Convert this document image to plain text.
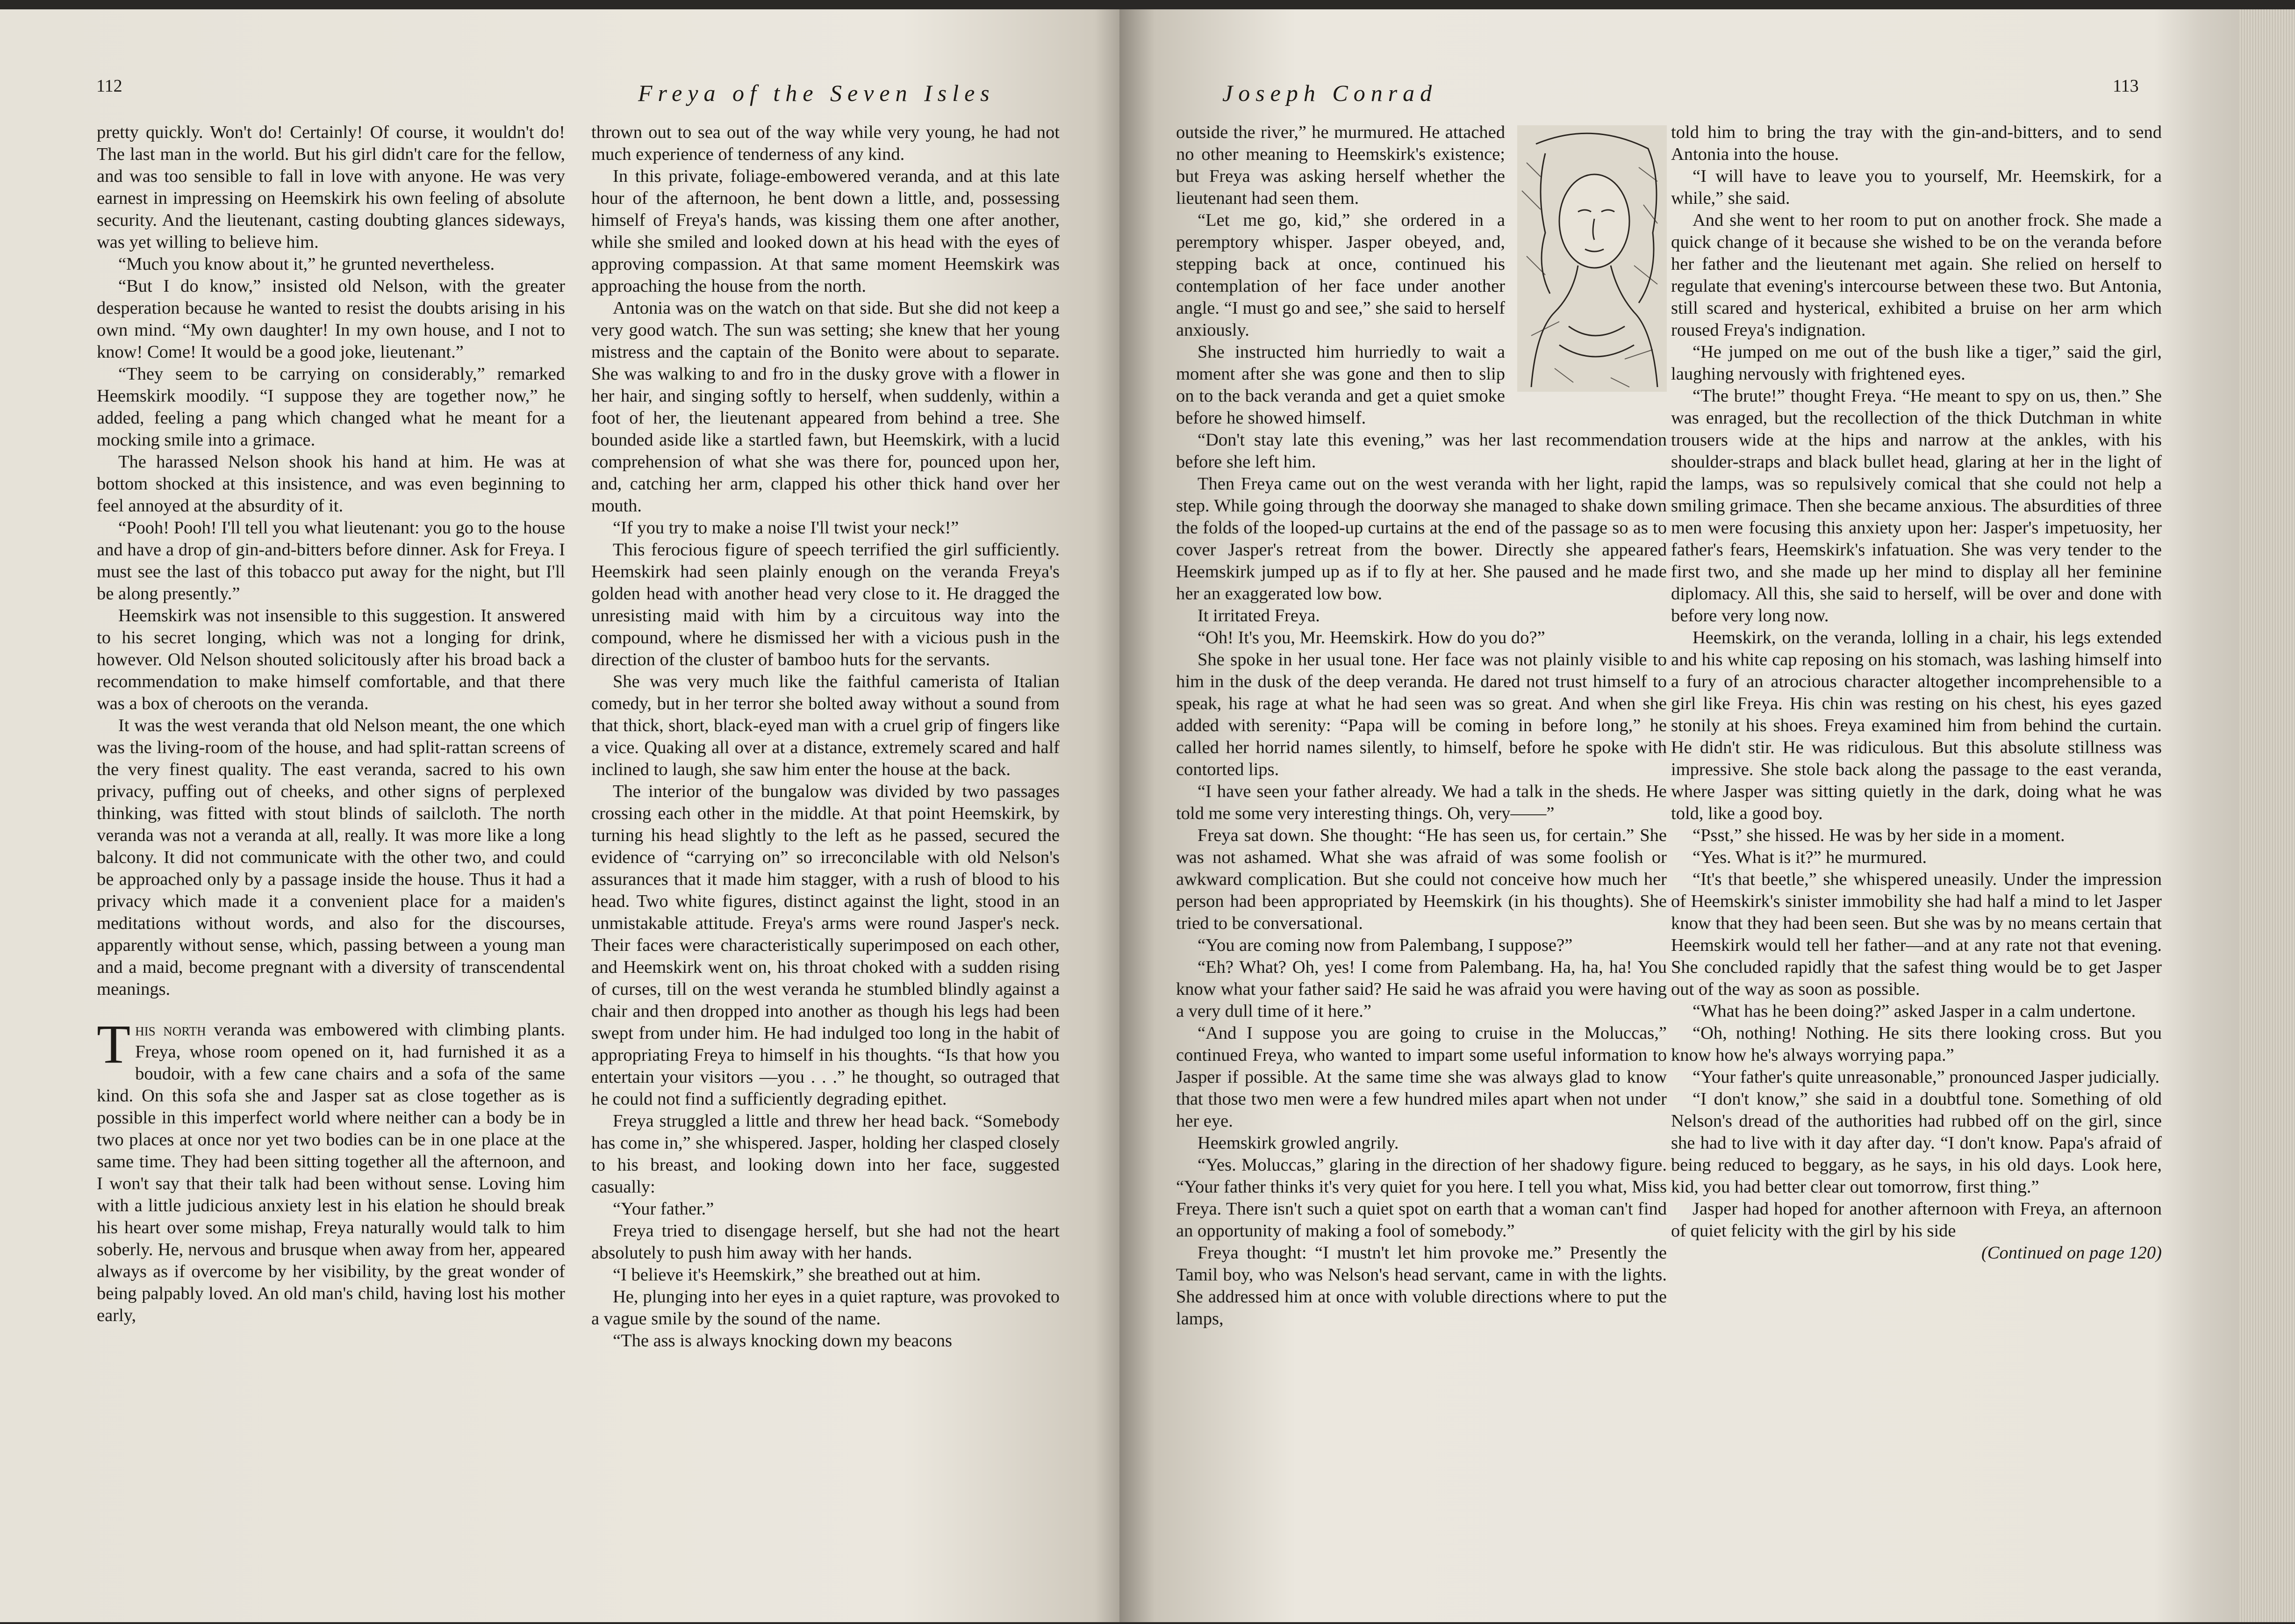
112	Freya of the Seven Isles

pretty quickly. Won't do! Certainly! Of course, it wouldn't do! The last man in the world. But his girl didn't care for the fellow, and was too sensible to fall in love with anyone. He was very earnest in impressing on Heemskirk his own feeling of absolute security. And the lieutenant, casting doubting glances sideways, was yet willing to believe him.

“Much you know about it,” he grunted nevertheless.

“But I do know,” insisted old Nelson, with the greater desperation because he wanted to resist the doubts arising in his own mind. “My own daughter! In my own house, and I not to know! Come! It would be a good joke, lieutenant.”

“They seem to be carrying on considerably,” remarked Heemskirk moodily. “I suppose they are together now,” he added, feeling a pang which changed what he meant for a mocking smile into a grimace.

The harassed Nelson shook his hand at him. He was at bottom shocked at this insistence, and was even beginning to feel annoyed at the absurdity of it.

“Pooh! Pooh! I'll tell you what lieutenant: you go to the house and have a drop of gin-and-bitters before dinner. Ask for Freya. I must see the last of this tobacco put away for the night, but I'll be along presently.”

Heemskirk was not insensible to this suggestion. It answered to his secret longing, which was not a longing for drink, however. Old Nelson shouted solicitously after his broad back a recommendation to make himself comfortable, and that there was a box of cheroots on the veranda.

It was the west veranda that old Nelson meant, the one which was the living-room of the house, and had split-rattan screens of the very finest quality. The east veranda, sacred to his own privacy, puffing out of cheeks, and other signs of perplexed thinking, was fitted with stout blinds of sailcloth. The north veranda was not a veranda at all, really. It was more like a long balcony. It did not communicate with the other two, and could be approached only by a passage inside the house. Thus it had a privacy which made it a convenient place for a maiden's meditations without words, and also for the discourses, apparently without sense, which, passing between a young man and a maid, become pregnant with a diversity of transcendental meanings.

This north veranda was embowered with climbing plants. Freya, whose room opened on it, had furnished it as a boudoir, with a few cane chairs and a sofa of the same kind. On this sofa she and Jasper sat as close together as is possible in this imperfect world where neither can a body be in two places at once nor yet two bodies can be in one place at the same time. They had been sitting together all the afternoon, and I won't say that their talk had been without sense. Loving him with a little judicious anxiety lest in his elation he should break his heart over some mishap, Freya naturally would talk to him soberly. He, nervous and brusque when away from her, appeared always as if overcome by her visibility, by the great wonder of being palpably loved. An old man's child, having lost his mother early,

thrown out to sea out of the way while very young, he had not much experience of tenderness of any kind.

In this private, foliage-embowered veranda, and at this late hour of the afternoon, he bent down a little, and, possessing himself of Freya's hands, was kissing them one after another, while she smiled and looked down at his head with the eyes of approving compassion. At that same moment Heemskirk was approaching the house from the north.

Antonia was on the watch on that side. But she did not keep a very good watch. The sun was setting; she knew that her young mistress and the captain of the Bonito were about to separate. She was walking to and fro in the dusky grove with a flower in her hair, and singing softly to herself, when suddenly, within a foot of her, the lieutenant appeared from behind a tree. She bounded aside like a startled fawn, but Heemskirk, with a lucid comprehension of what she was there for, pounced upon her, and, catching her arm, clapped his other thick hand over her mouth.

“If you try to make a noise I'll twist your neck!”

This ferocious figure of speech terrified the girl sufficiently. Heemskirk had seen plainly enough on the veranda Freya's golden head with another head very close to it. He dragged the unresisting maid with him by a circuitous way into the compound, where he dismissed her with a vicious push in the direction of the cluster of bamboo huts for the servants.

She was very much like the faithful camerista of Italian comedy, but in her terror she bolted away without a sound from that thick, short, black-eyed man with a cruel grip of fingers like a vice. Quaking all over at a distance, extremely scared and half inclined to laugh, she saw him enter the house at the back.

The interior of the bungalow was divided by two passages crossing each other in the middle. At that point Heemskirk, by turning his head slightly to the left as he passed, secured the evidence of “carrying on” so irreconcilable with old Nelson's assurances that it made him stagger, with a rush of blood to his head. Two white figures, distinct against the light, stood in an unmistakable attitude. Freya's arms were round Jasper's neck. Their faces were characteristically superimposed on each other, and Heemskirk went on, his throat choked with a sudden rising of curses, till on the west veranda he stumbled blindly against a chair and then dropped into another as though his legs had been swept from under him. He had indulged too long in the habit of appropriating Freya to himself in his thoughts. “Is that how you entertain your visitors —you . . .” he thought, so outraged that he could not find a sufficiently degrading epithet.

Freya struggled a little and threw her head back. “Somebody has come in,” she whispered. Jasper, holding her clasped closely to his breast, and looking down into her face, suggested casually:

“Your father.”

Freya tried to disengage herself, but she had not the heart absolutely to push him away with her hands.

“I believe it's Heemskirk,” she breathed out at him.

He, plunging into her eyes in a quiet rapture, was provoked to a vague smile by the sound of the name.

“The ass is always knocking down my beacons

Joseph Conrad	113

outside the river,” he murmured. He attached no other meaning to Heemskirk's existence; but Freya was asking herself whether the lieutenant had seen them.

“Let me go, kid,” she ordered in a peremptory whisper. Jasper obeyed, and, stepping back at once, continued his contemplation of her face under another angle. “I must go and see,” she said to herself anxiously.

She instructed him hurriedly to wait a moment after she was gone and then to slip on to the back veranda and get a quiet smoke before he showed himself.

“Don't stay late this evening,” was her last recommendation before she left him.

Then Freya came out on the west veranda with her light, rapid step. While going through the doorway she managed to shake down the folds of the looped-up curtains at the end of the passage so as to cover Jasper's retreat from the bower. Directly she appeared Heemskirk jumped up as if to fly at her. She paused and he made her an exaggerated low bow.

It irritated Freya.

“Oh! It's you, Mr. Heemskirk. How do you do?”

She spoke in her usual tone. Her face was not plainly visible to him in the dusk of the deep veranda. He dared not trust himself to speak, his rage at what he had seen was so great. And when she added with serenity: “Papa will be coming in before long,” he called her horrid names silently, to himself, before he spoke with contorted lips.

“I have seen your father already. We had a talk in the sheds. He told me some very interesting things. Oh, very——”

Freya sat down. She thought: “He has seen us, for certain.” She was not ashamed. What she was afraid of was some foolish or awkward complication. But she could not conceive how much her person had been appropriated by Heemskirk (in his thoughts). She tried to be conversational.

“You are coming now from Palembang, I suppose?”

“Eh? What? Oh, yes! I come from Palembang. Ha, ha, ha! You know what your father said? He said he was afraid you were having a very dull time of it here.”

“And I suppose you are going to cruise in the Moluccas,” continued Freya, who wanted to impart some useful information to Jasper if possible. At the same time she was always glad to know that those two men were a few hundred miles apart when not under her eye.

Heemskirk growled angrily.

“Yes. Moluccas,” glaring in the direction of her shadowy figure. “Your father thinks it's very quiet for you here. I tell you what, Miss Freya. There isn't such a quiet spot on earth that a woman can't find an opportunity of making a fool of somebody.”

Freya thought: “I mustn't let him provoke me.” Presently the Tamil boy, who was Nelson's head servant, came in with the lights. She addressed him at once with voluble directions where to put the lamps,

told him to bring the tray with the gin-and-bitters, and to send Antonia into the house.

“I will have to leave you to yourself, Mr. Heemskirk, for a while,” she said.

And she went to her room to put on another frock. She made a quick change of it because she wished to be on the veranda before her father and the lieutenant met again. She relied on herself to regulate that evening's intercourse between these two. But Antonia, still scared and hysterical, exhibited a bruise on her arm which roused Freya's indignation.

“He jumped on me out of the bush like a tiger,” said the girl, laughing nervously with frightened eyes.

“The brute!” thought Freya. “He meant to spy on us, then.” She was enraged, but the recollection of the thick Dutchman in white trousers wide at the hips and narrow at the ankles, with his shoulder-straps and black bullet head, glaring at her in the light of the lamps, was so repulsively comical that she could not help a smiling grimace. Then she became anxious. The absurdities of three men were focusing this anxiety upon her: Jasper's impetuosity, her father's fears, Heemskirk's infatuation. She was very tender to the first two, and she made up her mind to display all her feminine diplomacy. All this, she said to herself, will be over and done with before very long now.

Heemskirk, on the veranda, lolling in a chair, his legs extended and his white cap reposing on his stomach, was lashing himself into a fury of an atrocious character altogether incomprehensible to a girl like Freya. His chin was resting on his chest, his eyes gazed stonily at his shoes. Freya examined him from behind the curtain. He didn't stir. He was ridiculous. But this absolute stillness was impressive. She stole back along the passage to the east veranda, where Jasper was sitting quietly in the dark, doing what he was told, like a good boy.

“Psst,” she hissed. He was by her side in a moment.

“Yes. What is it?” he murmured.

“It's that beetle,” she whispered uneasily. Under the impression of Heemskirk's sinister immobility she had half a mind to let Jasper know that they had been seen. But she was by no means certain that Heemskirk would tell her father—and at any rate not that evening. She concluded rapidly that the safest thing would be to get Jasper out of the way as soon as possible.

“What has he been doing?” asked Jasper in a calm undertone.

“Oh, nothing! Nothing. He sits there looking cross. But you know how he's always worrying papa.”

“Your father's quite unreasonable,” pronounced Jasper judicially.

“I don't know,” she said in a doubtful tone. Something of old Nelson's dread of the authorities had rubbed off on the girl, since she had to live with it day after day. “I don't know. Papa's afraid of being reduced to beggary, as he says, in his old days. Look here, kid, you had better clear out tomorrow, first thing.”

Jasper had hoped for another afternoon with Freya, an afternoon of quiet felicity with the girl by his side

(Continued on page 120)
